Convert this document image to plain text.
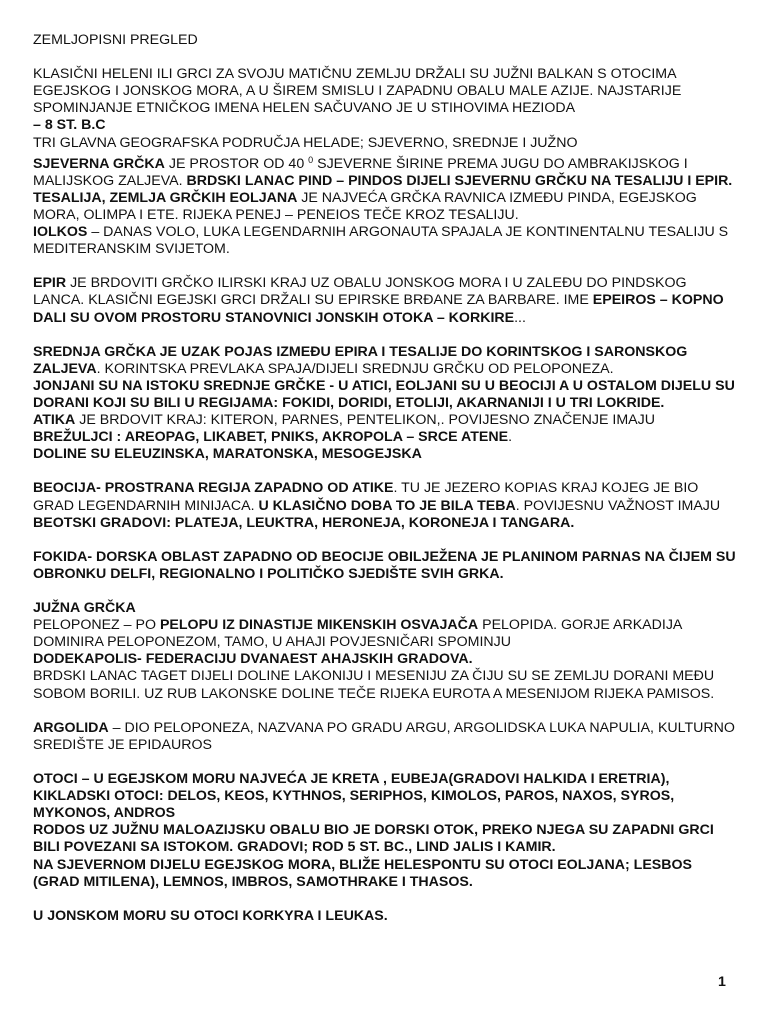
ZEMLJOPISNI PREGLED

KLASIČNI HELENI ILI GRCI ZA SVOJU MATIČNU ZEMLJU DRŽALI SU JUŽNI BALKAN S OTOCIMA EGEJSKOG I JONSKOG MORA, A U ŠIREM SMISLU I ZAPADNU OBALU MALE AZIJE. NAJSTARIJE SPOMINJANJE ETNIČKOG IMENA HELEN SAČUVANO JE U STIHOVIMA HEZIODA
– 8 ST. B.C

TRI GLAVNA GEOGRAFSKA PODRUČJA HELADE; SJEVERNO, SREDNJE I JUŽNO

SJEVERNA GRČKA JE PROSTOR OD 40 $^0$ SJEVERNE ŠIRINE PREMA JUGU DO AMBRAKIJSKOG I MALIJSKOG ZALJEVA. BRDSKI LANAC PIND – PINDOS DIJELI SJEVERNU GRČKU NA TESALIJU I EPIR.

TESALIJA, ZEMLJA GRČKIH EOLJANA JE NAJVEĆA GRČKA RAVNICA IZMEĐU PINDA, EGEJSKOG MORA, OLIMPA I ETE. RIJEKA PENEJ – PENEIOS TEČE KROZ TESALIJU.

IOLKOS – DANAS VOLO, LUKA LEGENDARNIH ARGONAUTA SPAJALA JE KONTINENTALNU TESALIJU S MEDITERANSKIM SVIJETOM.

EPIR JE BRDOVITI GRČKO ILIRSKI KRAJ UZ OBALU JONSKOG MORA I U ZALEĐU DO PINDSKOG LANCA. KLASIČNI EGEJSKI GRCI DRŽALI SU EPIRSKE BRĐANE ZA BARBARE. IME EPEIROS – KOPNO DALI SU OVOM PROSTORU STANOVNICI JONSKIH OTOKA – KORKIRE...

SREDNJA GRČKA JE UZAK POJAS IZMEĐU EPIRA I TESALIJE DO KORINTSKOG I SARONSKOG ZALJEVA. KORINTSKA PREVLAKA SPAJA/DIJELI SREDNJU GRČKU OD PELOPONEZA.

JONJANI SU NA ISTOKU SREDNJE GRČKE - U ATICI, EOLJANI SU U BEOCIJI A U OSTALOM DIJELU SU DORANI KOJI SU BILI U REGIJAMA: FOKIDI, DORIDI, ETOLIJI, AKARNANIJI I U TRI LOKRIDE.

ATIKA JE BRDOVIT KRAJ: KITERON, PARNES, PENTELIKON,. POVIJESNO ZNAČENJE IMAJU

BREŽULJCI : AREOPAG, LIKABET, PNIKS, AKROPOLA – SRCE ATENE.

DOLINE SU ELEUZINSKA, MARATONSKA, MESOGEJSKA

BEOCIJA- PROSTRANA REGIJA ZAPADNO OD ATIKE. TU JE JEZERO KOPIAS KRAJ KOJEG JE BIO GRAD LEGENDARNIH MINIJACA. U KLASIČNO DOBA TO JE BILA TEBA. POVIJESNU VAŽNOST IMAJU BEOTSKI GRADOVI: PLATEJA, LEUKTRA, HERONEJA, KORONEJA I TANGARA.

FOKIDA- DORSKA OBLAST ZAPADNO OD BEOCIJE OBILJEŽENA JE PLANINOM PARNAS NA ČIJEM SU OBRONKU DELFI, REGIONALNO I POLITIČKO SJEDIŠTE SVIH GRKA.

JUŽNA GRČKA

PELOPONEZ – PO PELOPU IZ DINASTIJE MIKENSKIH OSVAJAČA PELOPIDA. GORJE ARKADIJA DOMINIRA PELOPONEZOM, TAMO, U AHAJI POVJESNIČARI SPOMINJU

DODEKAPOLIS- FEDERACIJU DVANAEST AHAJSKIH GRADOVA.

BRDSKI LANAC TAGET DIJELI DOLINE LAKONIJU I MESENIJU ZA ČIJU SU SE ZEMLJU DORANI MEĐU SOBOM BORILI. UZ RUB LAKONSKE DOLINE TEČE RIJEKA EUROTA A MESENIJOM RIJEKA PAMISOS.

ARGOLIDA – DIO PELOPONEZA, NAZVANA PO GRADU ARGU, ARGOLIDSKA LUKA NAPULIA, KULTURNO SREDIŠTE JE EPIDAUROS

OTOCI – U EGEJSKOM MORU NAJVEĆA JE KRETA , EUBEJA(GRADOVI HALKIDA I ERETRIA), KIKLADSKI OTOCI: DELOS, KEOS, KYTHNOS, SERIPHOS, KIMOLOS, PAROS, NAXOS, SYROS, MYKONOS, ANDROS

RODOS UZ JUŽNU MALOAZIJSKU OBALU BIO JE DORSKI OTOK, PREKO NJEGA SU ZAPADNI GRCI BILI POVEZANI SA ISTOKOM. GRADOVI; ROD 5 ST. BC., LIND JALIS I KAMIR.

NA SJEVERNOM DIJELU EGEJSKOG MORA, BLIŽE HELESPONTU SU OTOCI EOLJANA; LESBOS (GRAD MITILENA), LEMNOS, IMBROS, SAMOTHRAKE I THASOS.

U JONSKOM MORU SU OTOCI KORKYRA I LEUKAS.

1
